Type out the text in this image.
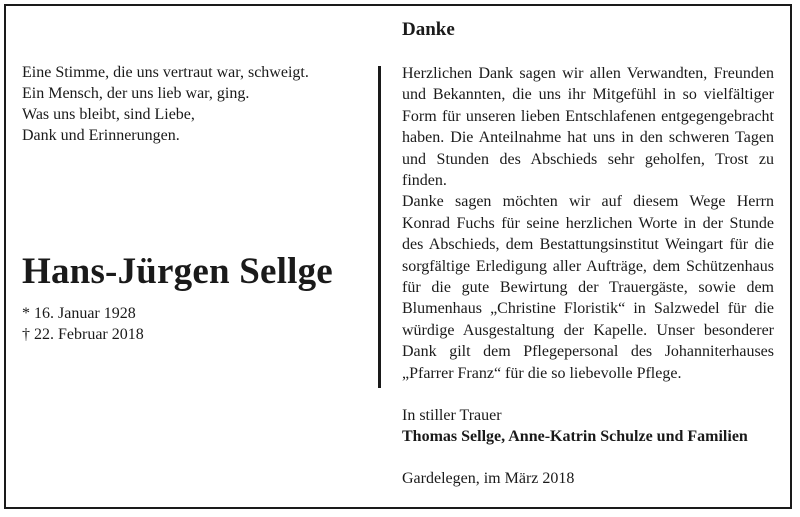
Eine Stimme, die uns vertraut war, schweigt.
Ein Mensch, der uns lieb war, ging.
Was uns bleibt, sind Liebe,
Dank und Erinnerungen.

Hans-Jürgen Sellge
* 16. Januar 1928
† 22. Februar 2018
Danke

Herzlichen Dank sagen wir allen Verwandten, Freunden und Bekannten, die uns ihr Mitgefühl in so vielfältiger Form für unseren lieben Entschlafenen entgegengebracht haben. Die Anteilnahme hat uns in den schweren Tagen und Stunden des Abschieds sehr geholfen, Trost zu finden.
Danke sagen möchten wir auf diesem Wege Herrn Konrad Fuchs für seine herzlichen Worte in der Stunde des Abschieds, dem Bestattungsinstitut Weingart für die sorgfältige Erledigung aller Aufträge, dem Schützenhaus für die gute Bewirtung der Trauergäste, sowie dem Blumenhaus „Christine Floristik“ in Salzwedel für die würdige Ausgestaltung der Kapelle. Unser besonderer Dank gilt dem Pflegepersonal des Johanniterhauses „Pfarrer Franz“ für die so liebevolle Pflege.

In stiller Trauer
Thomas Sellge, Anne-Katrin Schulze und Familien
Gardelegen, im März 2018
